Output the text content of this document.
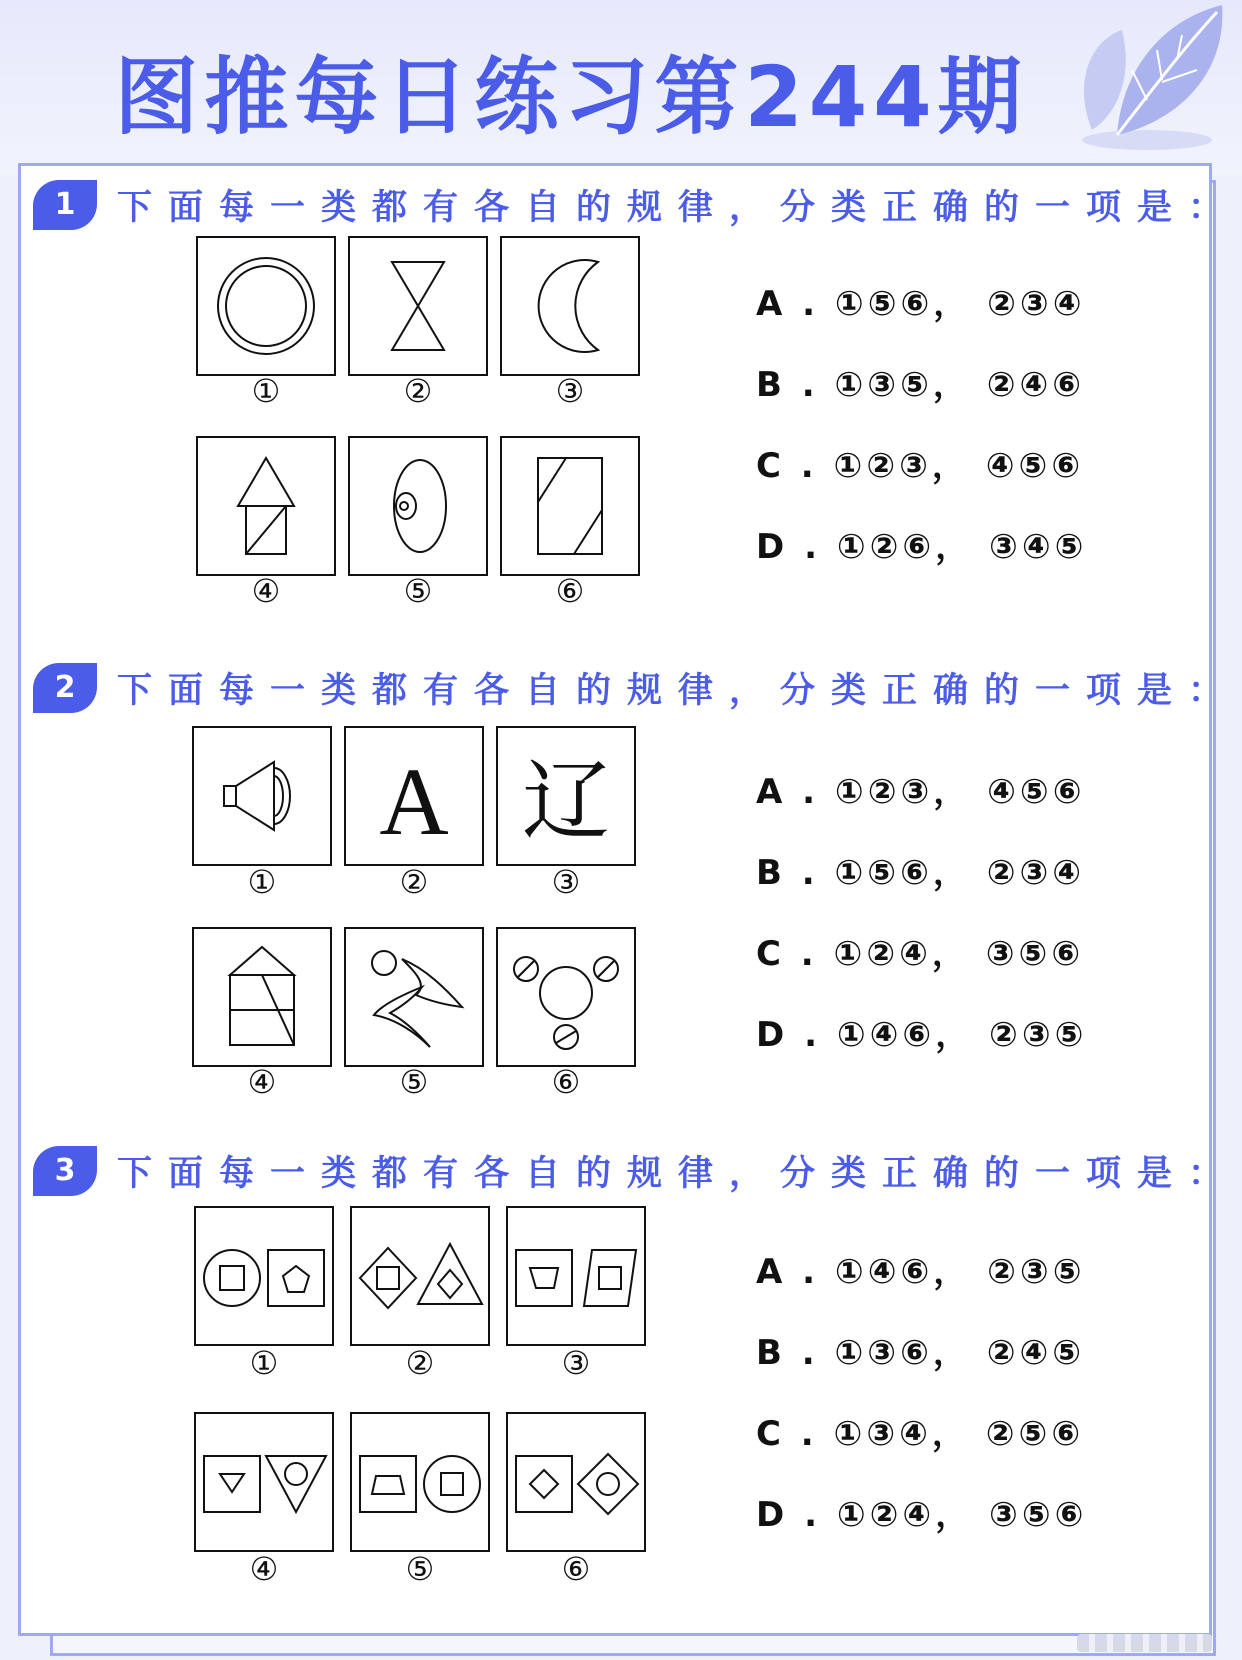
图推每日练习第244期
1	下面每一类都有各自的规律，分类正确的一项是：
①	②	③
④	⑤	⑥
A . ①⑤⑥， ②③④
B . ①③⑤， ②④⑥
C . ①②③， ④⑤⑥
D . ①②⑥， ③④⑤
2	下面每一类都有各自的规律，分类正确的一项是：
A 辽
①	②	③
④	⑤	⑥
A . ①②③， ④⑤⑥
B . ①⑤⑥， ②③④
C . ①②④， ③⑤⑥
D . ①④⑥， ②③⑤
3	下面每一类都有各自的规律，分类正确的一项是：
①	②	③
④	⑤	⑥
A . ①④⑥， ②③⑤
B . ①③⑥， ②④⑤
C . ①③④， ②⑤⑥
D . ①②④， ③⑤⑥
